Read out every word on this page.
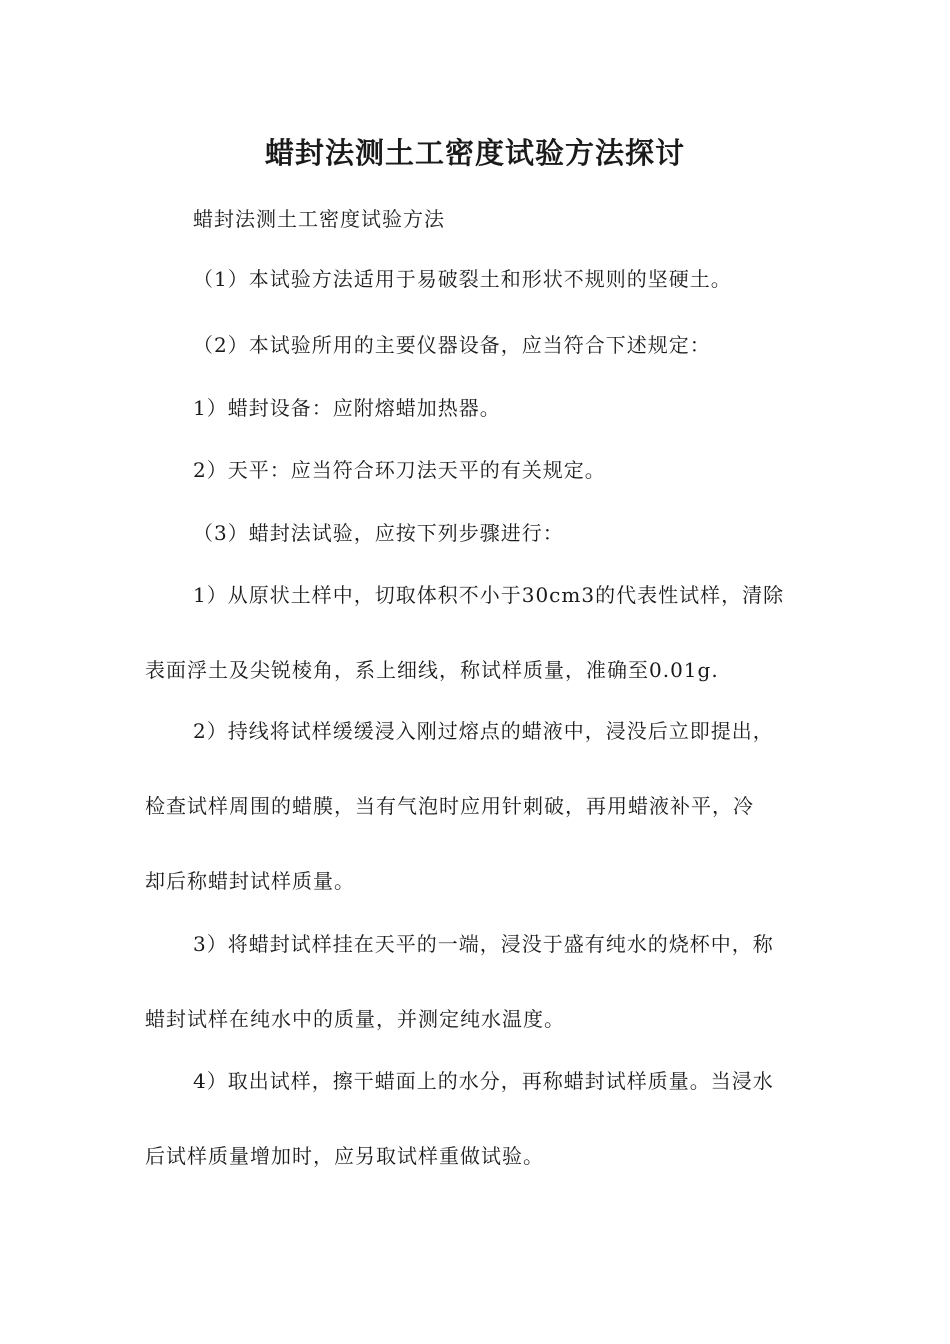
蜡封法测土工密度试验方法探讨
蜡封法测土工密度试验方法
（1）本试验方法适用于易破裂土和形状不规则的坚硬土。
（2）本试验所用的主要仪器设备，应当符合下述规定：
1）蜡封设备：应附熔蜡加热器。
2）天平：应当符合环刀法天平的有关规定。
（3）蜡封法试验，应按下列步骤进行：
1）从原状土样中，切取体积不小于30cm3的代表性试样，清除
表面浮土及尖锐棱角，系上细线，称试样质量，准确至0.01g.
2）持线将试样缓缓浸入刚过熔点的蜡液中，浸没后立即提出，
检查试样周围的蜡膜，当有气泡时应用针刺破，再用蜡液补平，冷
却后称蜡封试样质量。
3）将蜡封试样挂在天平的一端，浸没于盛有纯水的烧杯中，称
蜡封试样在纯水中的质量，并测定纯水温度。
4）取出试样，擦干蜡面上的水分，再称蜡封试样质量。当浸水
后试样质量增加时，应另取试样重做试验。
